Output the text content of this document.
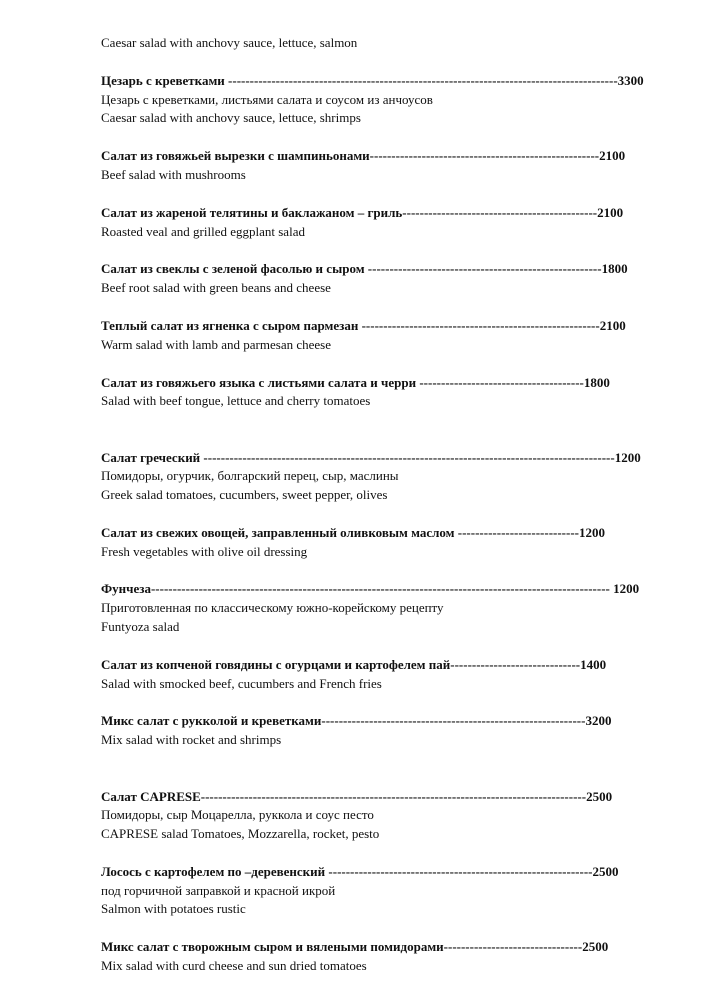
Caesar salad with anchovy sauce, lettuce, salmon
Цезарь с креветками ------------------------------------------------------------------------------------------3300
Цезарь с креветками, листьями салата и соусом из анчоусов
Caesar salad with anchovy sauce, lettuce, shrimps
Салат из говяжьей вырезки с шампиньонами-----------------------------------------------------2100
Beef salad with mushrooms
Салат из жареной телятины и баклажаном – гриль---------------------------------------------2100
Roasted veal and grilled eggplant salad
Салат из свеклы с зеленой фасолью и сыром ------------------------------------------------------1800
Beef root salad with green beans and cheese
Теплый салат из ягненка с сыром пармезан -------------------------------------------------------2100
Warm salad with lamb and parmesan cheese
Салат из говяжьего языка с листьями салата и черри --------------------------------------1800
Salad with beef tongue, lettuce and cherry tomatoes
Салат греческий -----------------------------------------------------------------------------------------------1200
Помидоры, огурчик, болгарский перец, сыр, маслины
Greek salad tomatoes, cucumbers, sweet pepper, olives
Салат из свежих овощей, заправленный оливковым маслом ----------------------------1200
Fresh vegetables with olive oil dressing
Фунчеза---------------------------------------------------------------------------------------------------------- 1200
Приготовленная по классическому южно-корейскому рецепту
Funtyoza salad
Салат из копченой говядины с огурцами и картофелем пай------------------------------1400
Salad with smocked beef, cucumbers and French fries
Микс салат с рукколой и креветками-------------------------------------------------------------3200
Mix salad with rocket and shrimps
Салат CAPRESE-----------------------------------------------------------------------------------------2500
Помидоры, сыр Моцарелла, руккола и соус песто
CAPRESE salad Tomatoes, Mozzarella, rocket, pesto
Лосось с картофелем по –деревенский -------------------------------------------------------------2500
под горчичной заправкой и красной икрой
Salmon with potatoes rustic
Микс салат с творожным сыром и вялеными помидорами--------------------------------2500
Mix salad with curd cheese and sun dried tomatoes
